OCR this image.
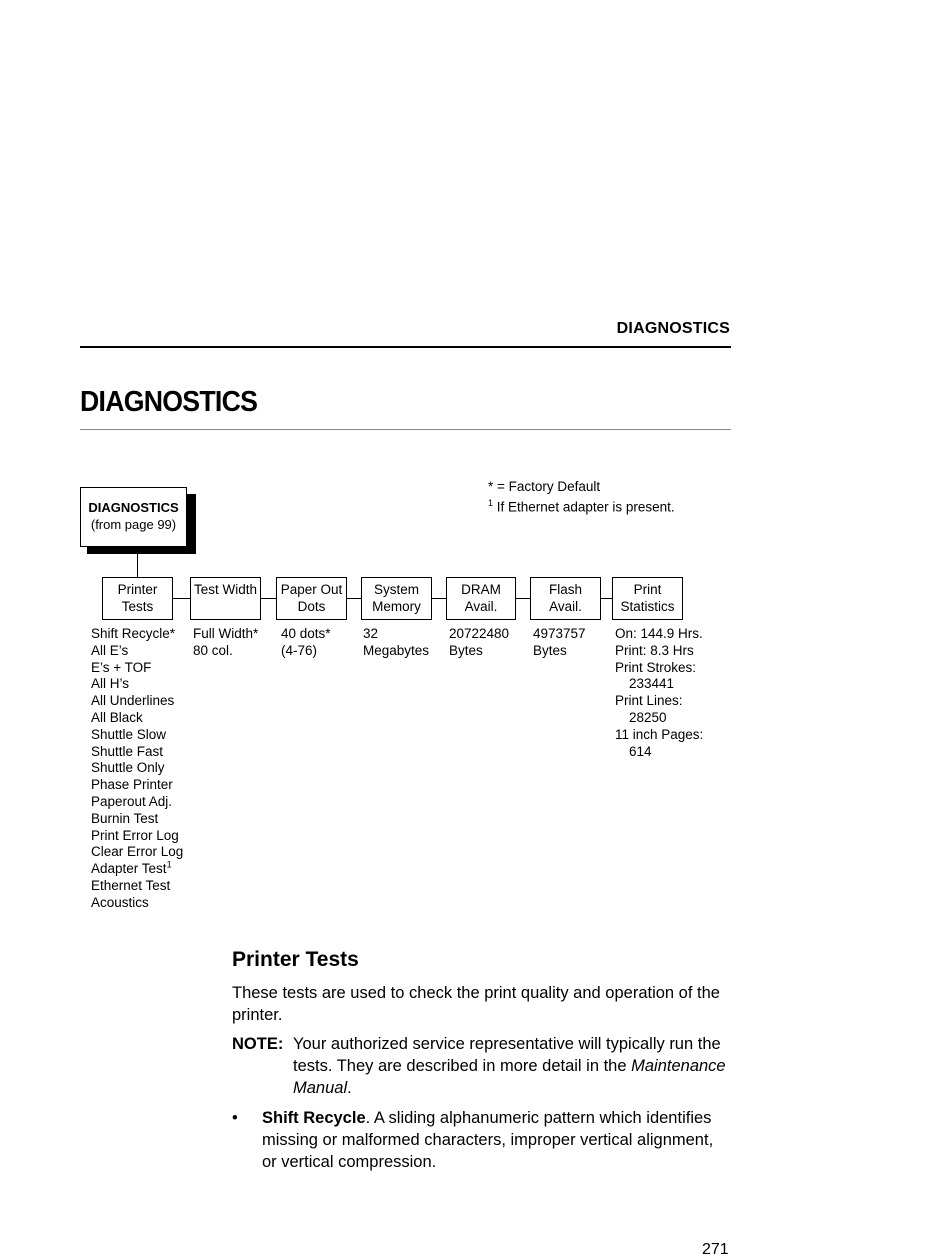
DIAGNOSTICS
DIAGNOSTICS
* = Factory Default
$^1$ If Ethernet adapter is present.
DIAGNOSTICS
(from page 99)
Printer
Tests
Test Width Paper Out
Dots
System
Memory
DRAM
Avail.
Flash
Avail.
Print
Statistics
Shift Recycle*
All E’s
E’s + TOF
All H’s
All Underlines
All Black
Shuttle Slow
Shuttle Fast
Shuttle Only
Phase Printer
Paperout Adj.
Burnin Test
Print Error Log
Clear Error Log
Adapter Test$^1$
Ethernet Test
Acoustics
Full Width*
80 col.
40 dots*
(4-76)
32
Megabytes
20722480
Bytes
4973757
Bytes
On: 144.9 Hrs.
Print: 8.3 Hrs
Print Strokes:
233441
Print Lines:
28250
11 inch Pages:
614
Printer Tests
These tests are used to check the print quality and operation of the printer.
NOTE: Your authorized service representative will typically run the tests. They are described in more detail in the Maintenance Manual.
• Shift Recycle. A sliding alphanumeric pattern which identifies missing or malformed characters, improper vertical alignment, or vertical compression.
271
